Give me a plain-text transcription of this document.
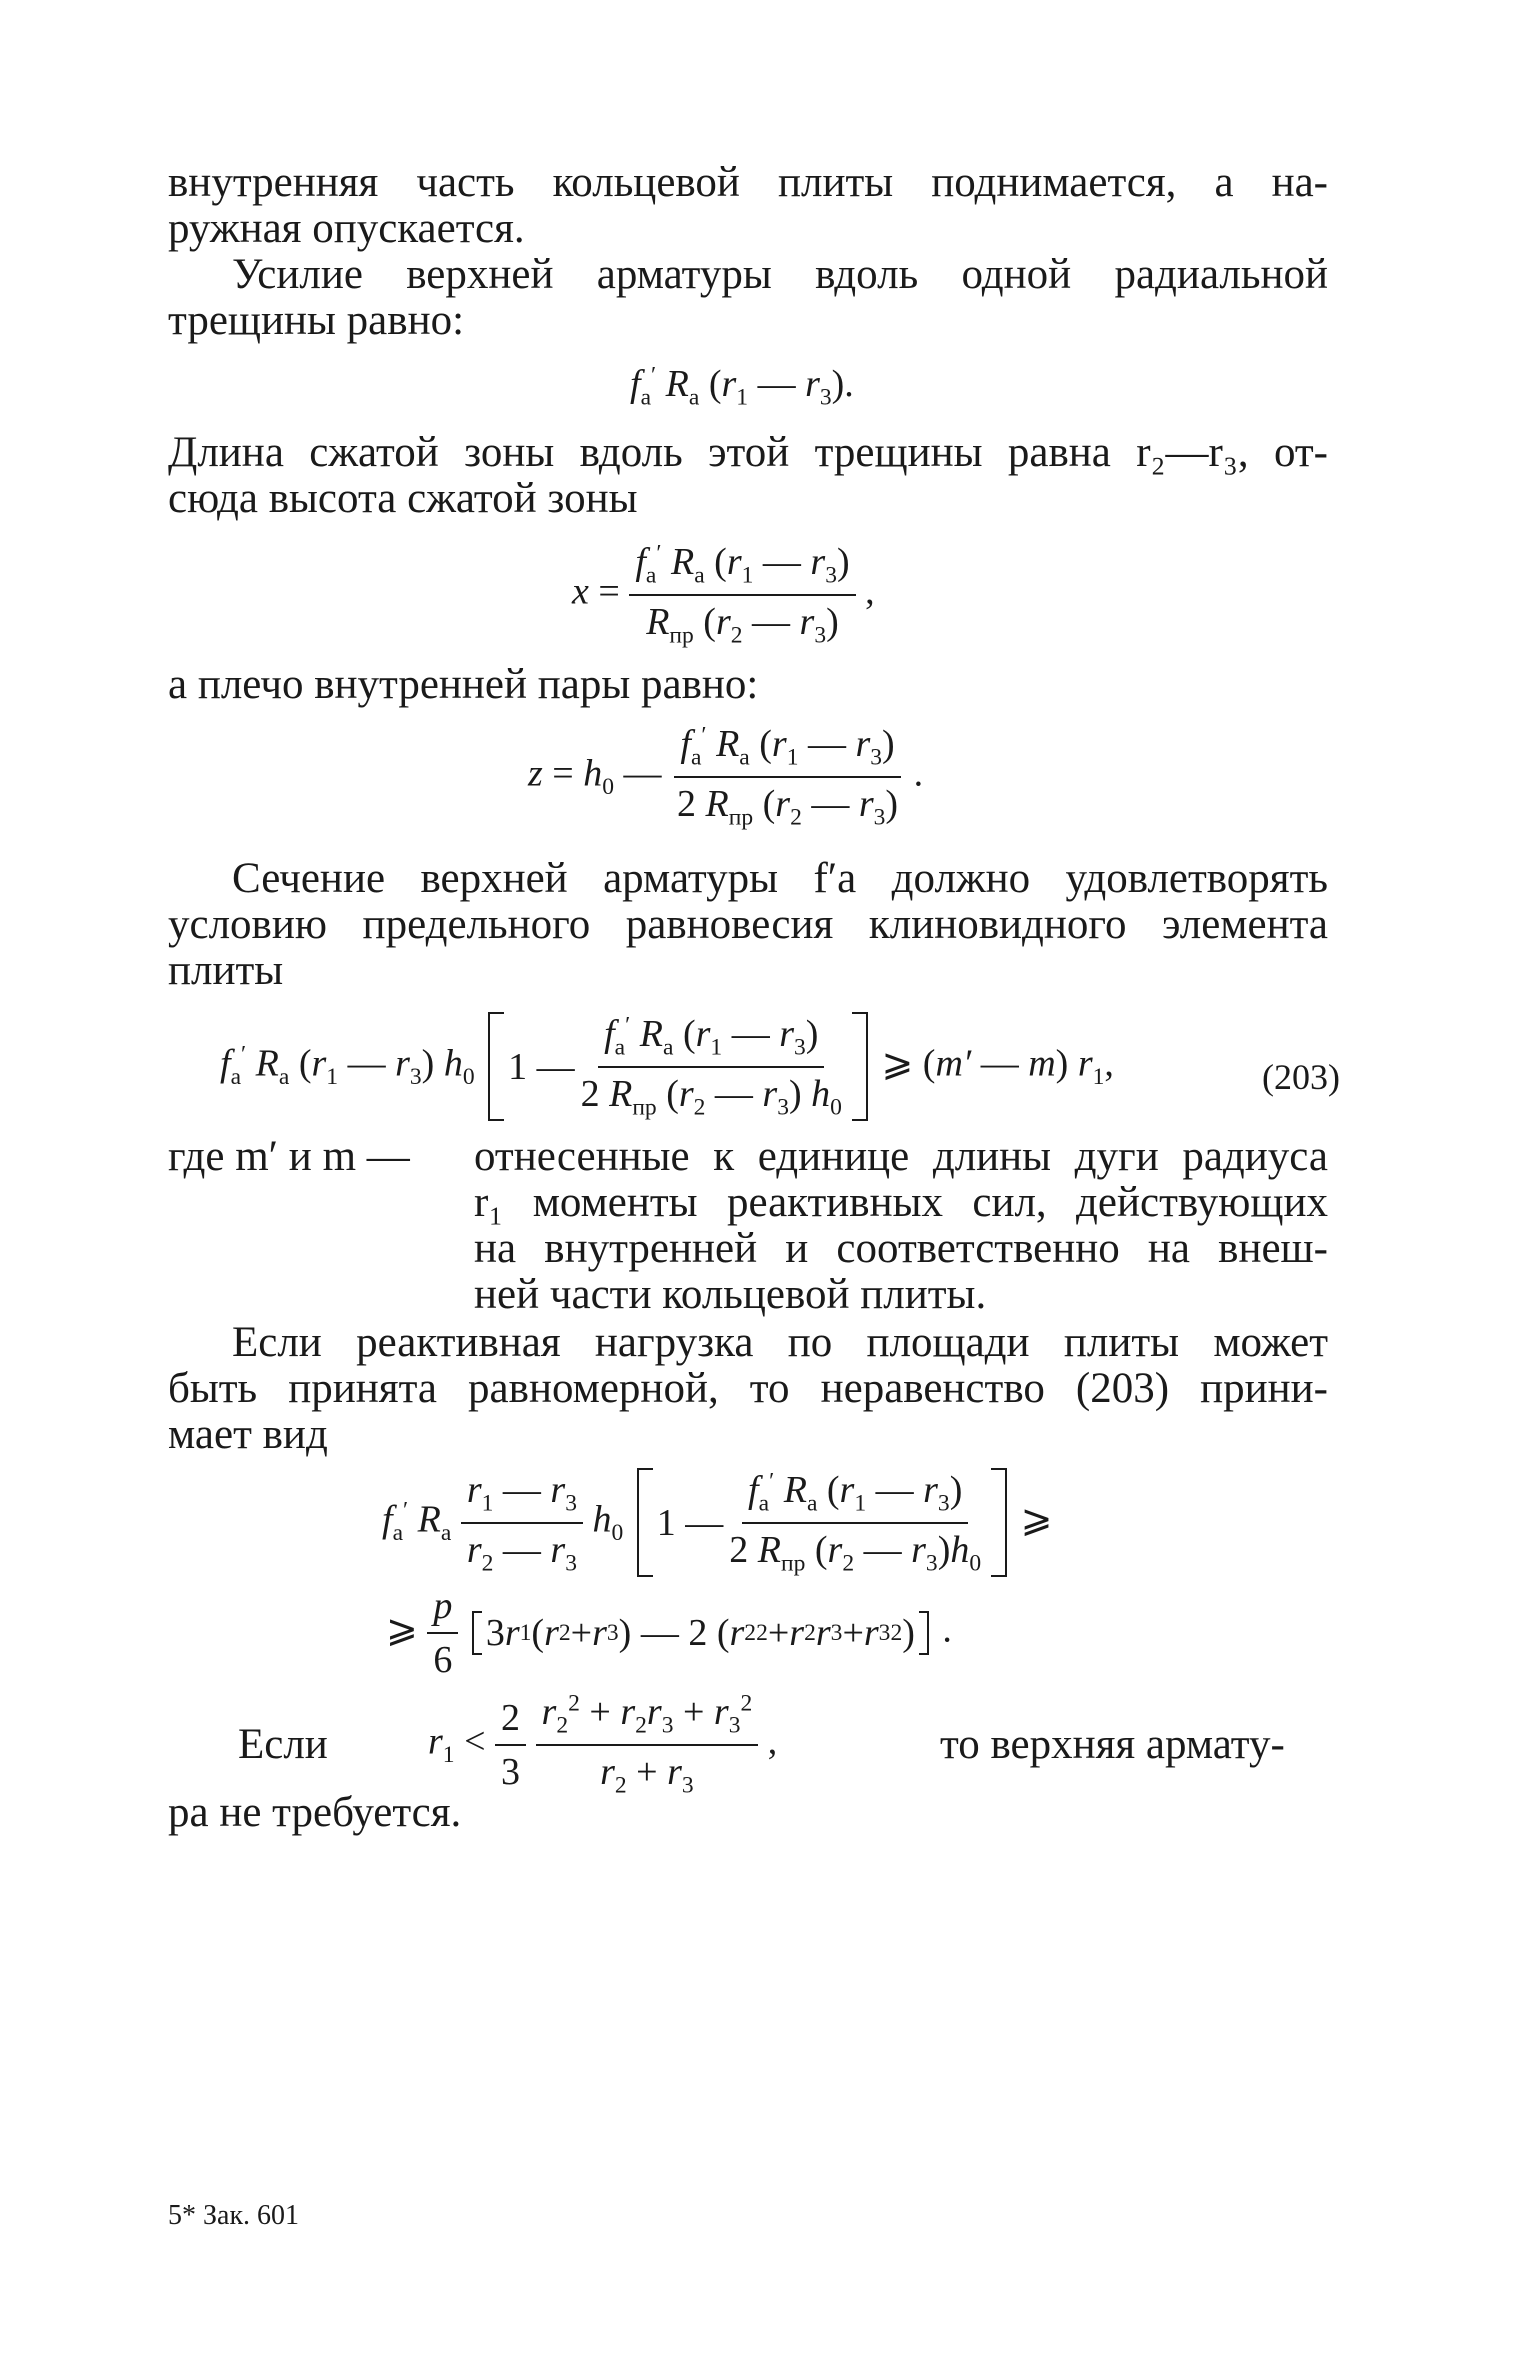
внутренняя часть кольцевой плиты поднимается, а на-
ружная опускается.
Усилие верхней арматуры вдоль одной радиальной
трещины равно:
$f_а'$ $R_а$ ($r_1$ — $r_3$).
Длина сжатой зоны вдоль этой трещины равна r₂—r₃, от-
сюда высота сжатой зоны
$x = \frac{f_а' R_а (r_1 — r_3)}{R_{пр} (r_2 — r_3)}$ ,
а плечо внутренней пары равно:
$z = h_0$ — $\frac{f_а' R_а (r_1 — r_3)}{2 R_{пр} (r_2 — r_3)}$ .
Сечение верхней арматуры f′а должно удовлетворять
условию предельного равновесия клиновидного элемента
плиты
$f_а'$ $R_а$ ($r_1$ — $r_3$) $h_0$
1 — $\frac{f_а' R_а (r_1 — r_3)}{2 R_{пр} (r_2 — r_3) h_0}$ ⩾ (m′ — m) $r_1$,	(203)
где m′ и m — отнесенные к единице длины дуги радиуса
r₁ моменты реактивных сил, действующих
на внутренней и соответственно на внеш-
ней части кольцевой плиты.
Если реактивная нагрузка по площади плиты может
быть принята равномерной, то неравенство (203) прини-
мает вид
$f_а'$ $R_а \frac{r_1 — r_3}{r_2 — r_3} h_0$
1 — $\frac{f_а' R_а (r_1 — r_3)}{2 R_{пр} (r_2 — r_3)h_0}$ ⩾
⩾ $\frac{p}{6}$
3 r 1 ( r 2 + r 3 ) — 2 ( r 2 2 + r 2 r 3 + r 3 2 )
.
Если	$r_1 < \frac{2}{3}$
$\frac{r_2^2 + r_2r_3 + r_3^2}{r_2 + r_3}$ ,	то верхняя армату-
ра не требуется.
5* Зак. 601
